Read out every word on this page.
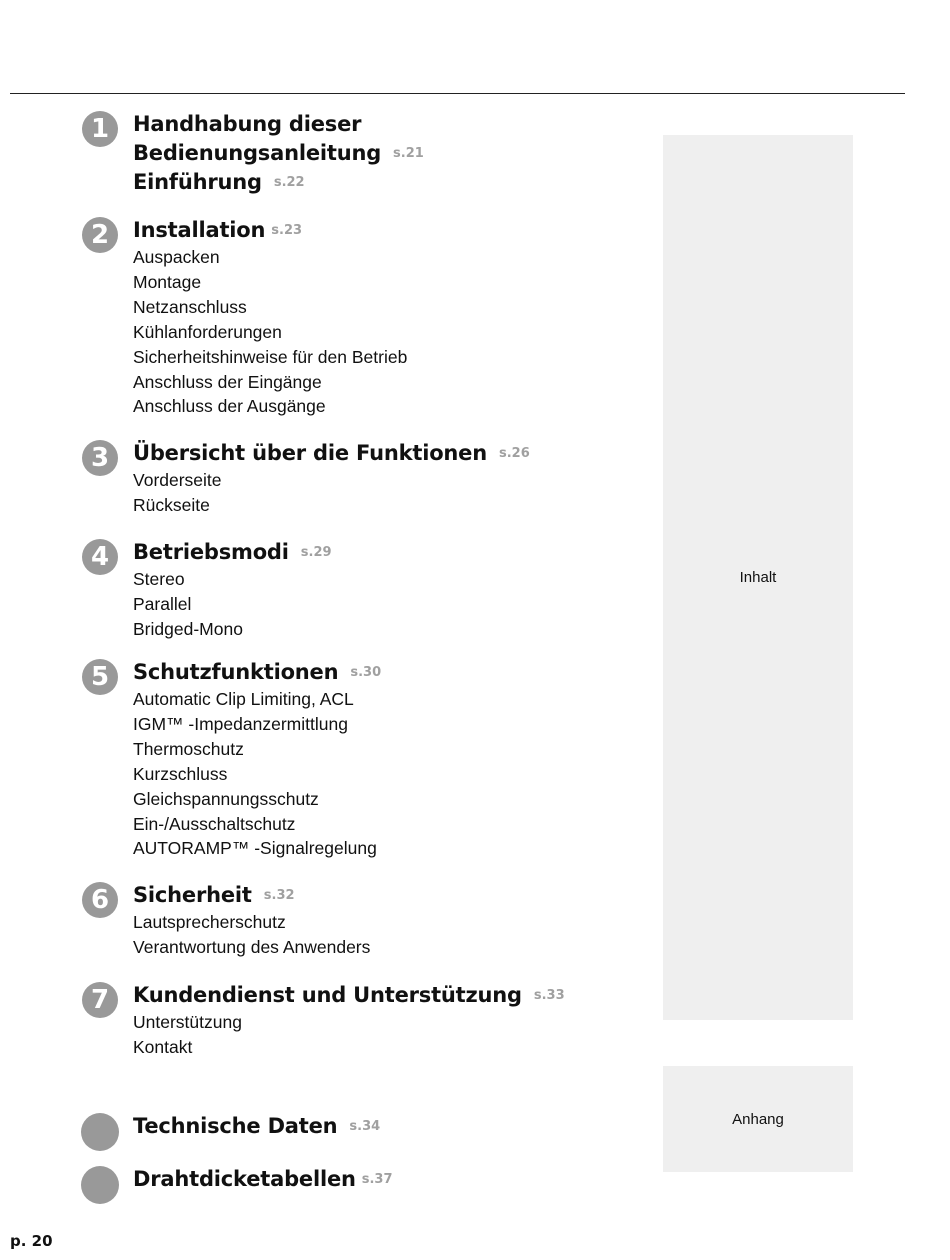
1	Handhabung dieser
Bedienungsanleitung s.21
Einführung s.22
2	Installation s.23
Auspacken
Montage
Netzanschluss
Kühlanforderungen
Sicherheitshinweise für den Betrieb
Anschluss der Eingänge
Anschluss der Ausgänge
3	Übersicht über die Funktionen s.26
Vorderseite
Rückseite
4	Betriebsmodi s.29
Stereo
Parallel
Bridged-Mono
5	Schutzfunktionen s.30
Automatic Clip Limiting, ACL
IGM™ -Impedanzermittlung
Thermoschutz
Kurzschluss
Gleichspannungsschutz
Ein-/Ausschaltschutz
AUTORAMP™ -Signalregelung
6	Sicherheit s.32
Lautsprecherschutz
Verantwortung des Anwenders
7	Kundendienst und Unterstützung s.33
Unterstützung
Kontakt
Technische Daten s.34
Drahtdicketabellen s.37
Inhalt
Anhang
p. 20
